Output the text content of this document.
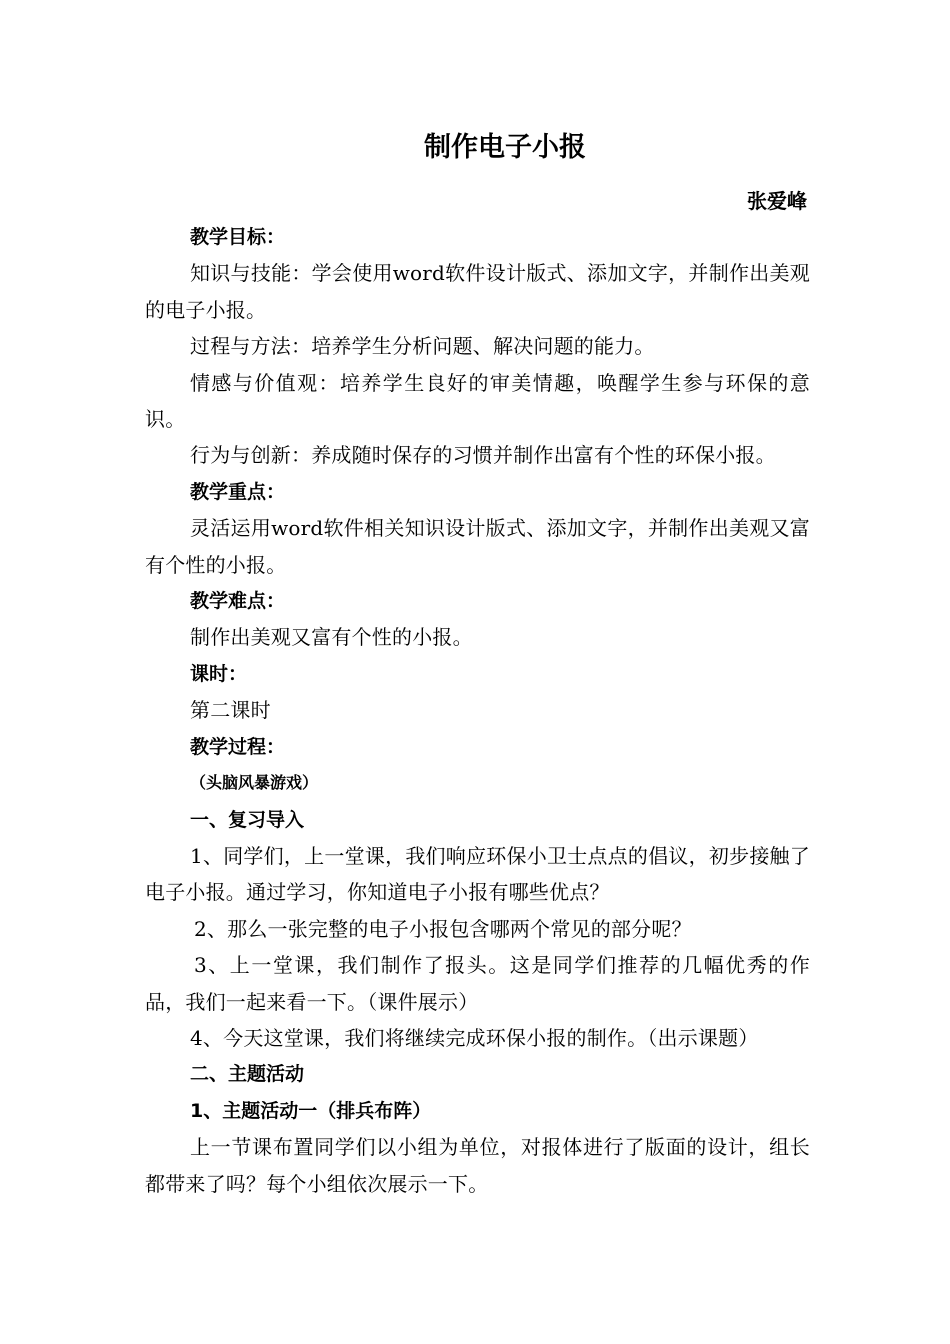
制作电子小报

张爱峰

教学目标：

知识与技能：学会使用word软件设计版式、添加文字，并制作出美观的电子小报。

过程与方法：培养学生分析问题、解决问题的能力。

情感与价值观：培养学生良好的审美情趣，唤醒学生参与环保的意识。

行为与创新：养成随时保存的习惯并制作出富有个性的环保小报。

教学重点：

灵活运用word软件相关知识设计版式、添加文字，并制作出美观又富有个性的小报。

教学难点：

制作出美观又富有个性的小报。

课时：

第二课时

教学过程：

（头脑风暴游戏）

一、复习导入

1、同学们，上一堂课，我们响应环保小卫士点点的倡议，初步接触了电子小报。通过学习，你知道电子小报有哪些优点？

2、那么一张完整的电子小报包含哪两个常见的部分呢？

3、上一堂课，我们制作了报头。这是同学们推荐的几幅优秀的作品，我们一起来看一下。（课件展示）

4、今天这堂课，我们将继续完成环保小报的制作。（出示课题）

二、主题活动

1、主题活动一（排兵布阵）

上一节课布置同学们以小组为单位，对报体进行了版面的设计，组长都带来了吗？每个小组依次展示一下。
